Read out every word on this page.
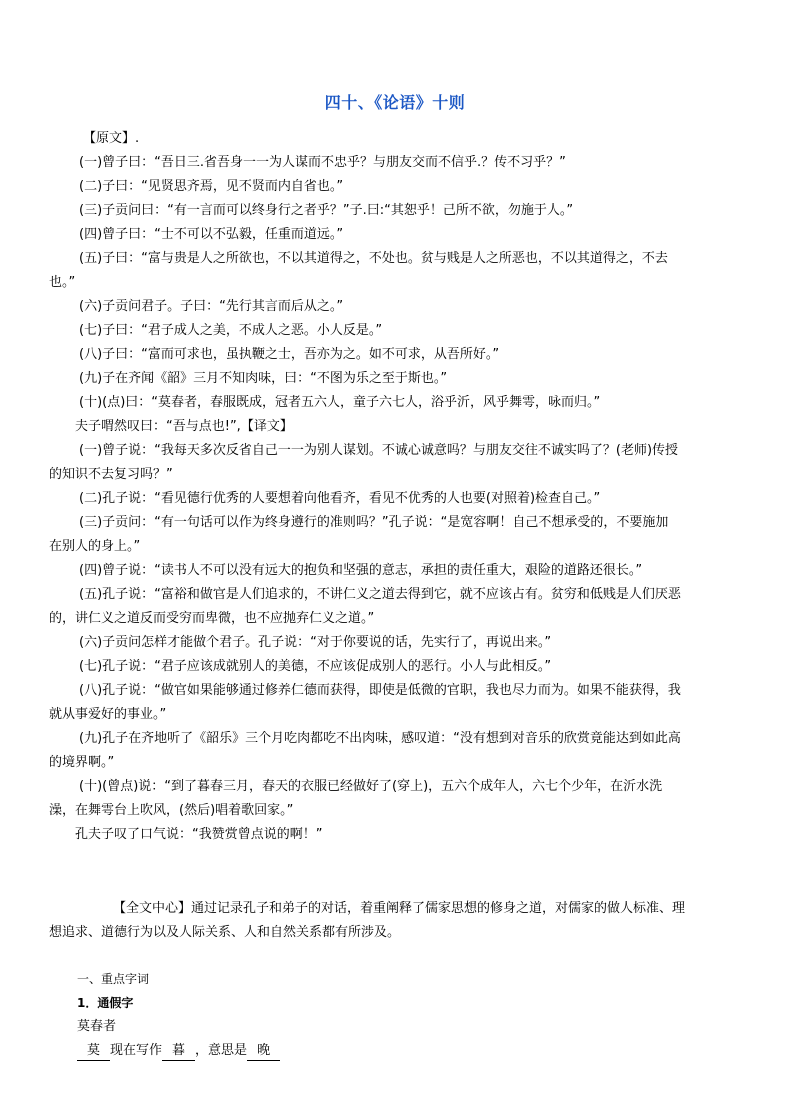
四十、《论语》十则
【原文】.
(一)曾子曰：“吾日三.省吾身一一为人谋而不忠乎？与朋友交而不信乎.？传不习乎？”
(二)子曰：“见贤思齐焉，见不贤而内自省也。”
(三)子贡问曰：“有一言而可以终身行之者乎？”子.曰:“其恕乎！己所不欲，勿施于人。”
(四)曾子曰：“士不可以不弘毅，任重而道远。”
(五)子曰：“富与贵是人之所欲也，不以其道得之，不处也。贫与贱是人之所恶也，不以其道得之，不去
也。”
(六)子贡问君子。子曰：“先行其言而后从之。”
(七)子曰：“君子成人之美，不成人之恶。小人反是。”
(八)子曰：“富而可求也，虽执鞭之士，吾亦为之。如不可求，从吾所好。”
(九)子在齐闻《韶》三月不知肉味，曰：“不图为乐之至于斯也。”
(十)(点)曰：“莫春者，春服既成，冠者五六人，童子六七人，浴乎沂，风乎舞雩，咏而归。”
夫子喟然叹曰：“吾与点也!”,【译文】
(一)曾子说：“我每天多次反省自己一一为别人谋划。不诚心诚意吗？与朋友交往不诚实吗了？(老师)传授
的知识不去复习吗？”
(二)孔子说：“看见德行优秀的人要想着向他看齐，看见不优秀的人也要(对照着)检查自己。”
(三)子贡问：“有一句话可以作为终身遵行的准则吗？”孔子说：“是宽容啊！自己不想承受的，不要施加
在别人的身上。”
(四)曾子说：“读书人不可以没有远大的抱负和坚强的意志，承担的责任重大，艰险的道路还很长。”
(五)孔子说：“富裕和做官是人们追求的，不讲仁义之道去得到它，就不应该占有。贫穷和低贱是人们厌恶
的，讲仁义之道反而受穷而卑微，也不应抛弃仁义之道。”
(六)子贡问怎样才能做个君子。孔子说：“对于你要说的话，先实行了，再说出来。”
(七)孔子说：“君子应该成就别人的美德，不应该促成别人的恶行。小人与此相反。”
(八)孔子说：“做官如果能够通过修养仁德而获得，即使是低微的官职，我也尽力而为。如果不能获得，我
就从事爱好的事业。”
(九)孔子在齐地听了《韶乐》三个月吃肉都吃不出肉味，感叹道：“没有想到对音乐的欣赏竟能达到如此高
的境界啊。”
(十)(曾点)说：“到了暮春三月，春天的衣服已经做好了(穿上)，五六个成年人，六七个少年，在沂水洗
澡，在舞雩台上吹风，(然后)唱着歌回家。”
孔夫子叹了口气说：“我赞赏曾点说的啊！”
【全文中心】通过记录孔子和弟子的对话，着重阐释了儒家思想的修身之道，对儒家的做人标准、理
想追求、道德行为以及人际关系、人和自然关系都有所涉及。
一、重点字词
1．通假字
莫春者
莫 现在写作 暮 ，意思是 晚
